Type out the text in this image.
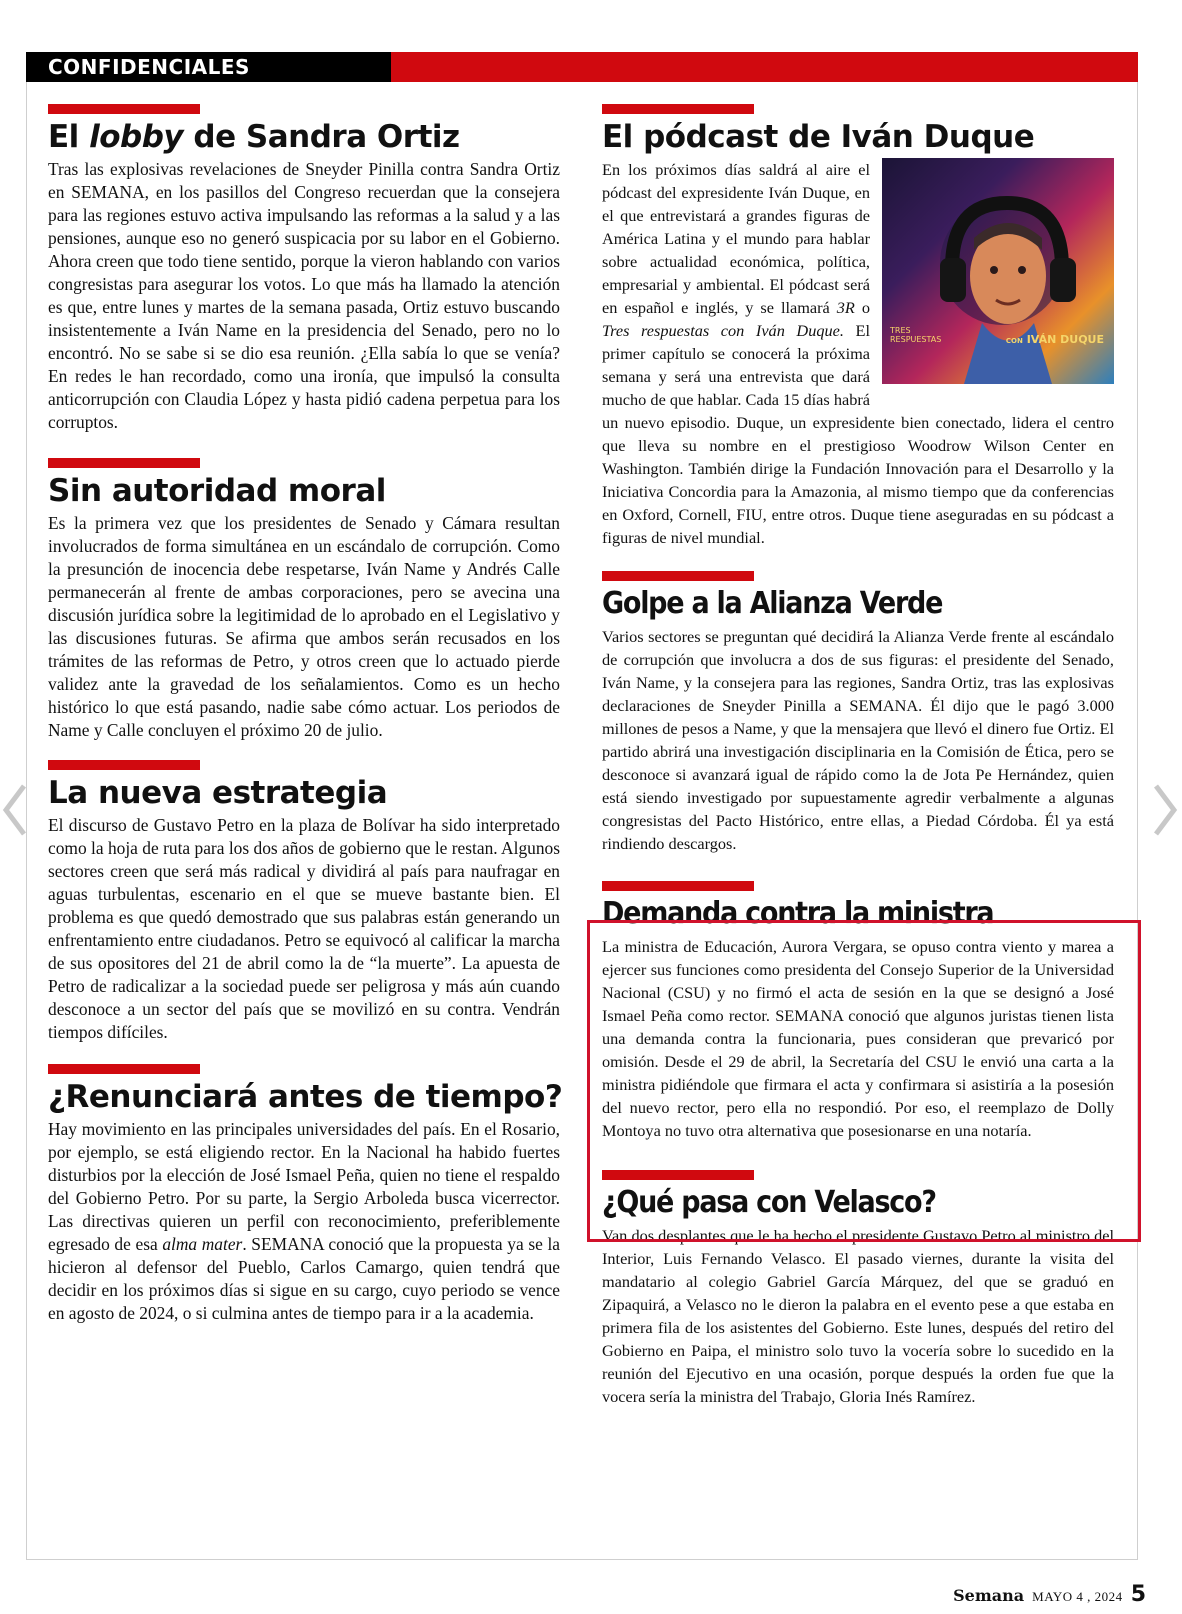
CONFIDENCIALES
El lobby de Sandra Ortiz

Tras las explosivas revelaciones de Sneyder Pinilla contra Sandra Ortiz en SEMANA, en los pasillos del Congreso recuerdan que la consejera para las regiones estuvo activa impulsando las reformas a la salud y a las pensiones, aunque eso no generó suspicacia por su labor en el Gobierno. Ahora creen que todo tiene sentido, porque la vieron hablando con varios congresistas para asegurar los votos. Lo que más ha llamado la atención es que, entre lunes y martes de la semana pasada, Ortiz estuvo buscando insistentemente a Iván Name en la presidencia del Senado, pero no lo encontró. No se sabe si se dio esa reunión. ¿Ella sabía lo que se venía? En redes le han recordado, como una ironía, que impulsó la consulta anticorrupción con Claudia López y hasta pidió cadena perpetua para los corruptos.

Sin autoridad moral

Es la primera vez que los presidentes de Senado y Cámara resultan involucrados de forma simultánea en un escándalo de corrupción. Como la presunción de inocencia debe respetarse, Iván Name y Andrés Calle permanecerán al frente de ambas corporaciones, pero se avecina una discusión jurídica sobre la legitimidad de lo aprobado en el Legislativo y las discusiones futuras. Se afirma que ambos serán recusados en los trámites de las reformas de Petro, y otros creen que lo actuado pierde validez ante la gravedad de los señalamientos. Como es un hecho histórico lo que está pasando, nadie sabe cómo actuar. Los periodos de Name y Calle concluyen el próximo 20 de julio.

La nueva estrategia

El discurso de Gustavo Petro en la plaza de Bolívar ha sido interpretado como la hoja de ruta para los dos años de gobierno que le restan. Algunos sectores creen que será más radical y dividirá al país para naufragar en aguas turbulentas, escenario en el que se mueve bastante bien. El problema es que quedó demostrado que sus palabras están generando un enfrentamiento entre ciudadanos. Petro se equivocó al calificar la marcha de sus opositores del 21 de abril como la de “la muerte”. La apuesta de Petro de radicalizar a la sociedad puede ser peligrosa y más aún cuando desconoce a un sector del país que se movilizó en su contra. Vendrán tiempos difíciles.

¿Renunciará antes de tiempo?

Hay movimiento en las principales universidades del país. En el Rosario, por ejemplo, se está eligiendo rector. En la Nacional ha habido fuertes disturbios por la elección de José Ismael Peña, quien no tiene el respaldo del Gobierno Petro. Por su parte, la Sergio Arboleda busca vicerrector. Las directivas quieren un perfil con reconocimiento, preferiblemente egresado de esa alma mater. SEMANA conoció que la propuesta ya se la hicieron al defensor del Pueblo, Carlos Camargo, quien tendrá que decidir en los próximos días si sigue en su cargo, cuyo periodo se vence en agosto de 2024, o si culmina antes de tiempo para ir a la academia.

El pódcast de Iván Duque
TRES
RESPUESTAS	CON IVÁN DUQUE

En los próximos días saldrá al aire el pódcast del expresidente Iván Duque, en el que entrevistará a grandes figuras de América Latina y el mundo para hablar sobre actualidad económica, política, empresarial y ambiental. El pódcast será en español e inglés, y se llamará 3R o Tres respuestas con Iván Duque. El primer capítulo se conocerá la próxima semana y será una entrevista que dará mucho de que hablar. Cada 15 días habrá un nuevo episodio. Duque, un expresidente bien conectado, lidera el centro que lleva su nombre en el prestigioso Woodrow Wilson Center en Washington. También dirige la Fundación Innovación para el Desarrollo y la Iniciativa Concordia para la Amazonia, al mismo tiempo que da conferencias en Oxford, Cornell, FIU, entre otros. Duque tiene aseguradas en su pódcast a figuras de nivel mundial.

Golpe a la Alianza Verde

Varios sectores se preguntan qué decidirá la Alianza Verde frente al escándalo de corrupción que involucra a dos de sus figuras: el presidente del Senado, Iván Name, y la consejera para las regiones, Sandra Ortiz, tras las explosivas declaraciones de Sneyder Pinilla a SEMANA. Él dijo que le pagó 3.000 millones de pesos a Name, y que la mensajera que llevó el dinero fue Ortiz. El partido abrirá una investigación disciplinaria en la Comisión de Ética, pero se desconoce si avanzará igual de rápido como la de Jota Pe Hernández, quien está siendo investigado por supuestamente agredir verbalmente a algunas congresistas del Pacto Histórico, entre ellas, a Piedad Córdoba. Él ya está rindiendo descargos.

Demanda contra la ministra

La ministra de Educación, Aurora Vergara, se opuso contra viento y marea a ejercer sus funciones como presidenta del Consejo Superior de la Universidad Nacional (CSU) y no firmó el acta de sesión en la que se designó a José Ismael Peña como rector. SEMANA conoció que algunos juristas tienen lista una demanda contra la funcionaria, pues consideran que prevaricó por omisión. Desde el 29 de abril, la Secretaría del CSU le envió una carta a la ministra pidiéndole que firmara el acta y confirmara si asistiría a la posesión del nuevo rector, pero ella no respondió. Por eso, el reemplazo de Dolly Montoya no tuvo otra alternativa que posesionarse en una notaría.

¿Qué pasa con Velasco?

Van dos desplantes que le ha hecho el presidente Gustavo Petro al ministro del Interior, Luis Fernando Velasco. El pasado viernes, durante la visita del mandatario al colegio Gabriel García Márquez, del que se graduó en Zipaquirá, a Velasco no le dieron la palabra en el evento pese a que estaba en primera fila de los asistentes del Gobierno. Este lunes, después del retiro del Gobierno en Paipa, el ministro solo tuvo la vocería sobre lo sucedido en la reunión del Ejecutivo en una ocasión, porque después la orden fue que la vocera sería la ministra del Trabajo, Gloria Inés Ramírez.

Semana MAYO 4 , 2024 5
